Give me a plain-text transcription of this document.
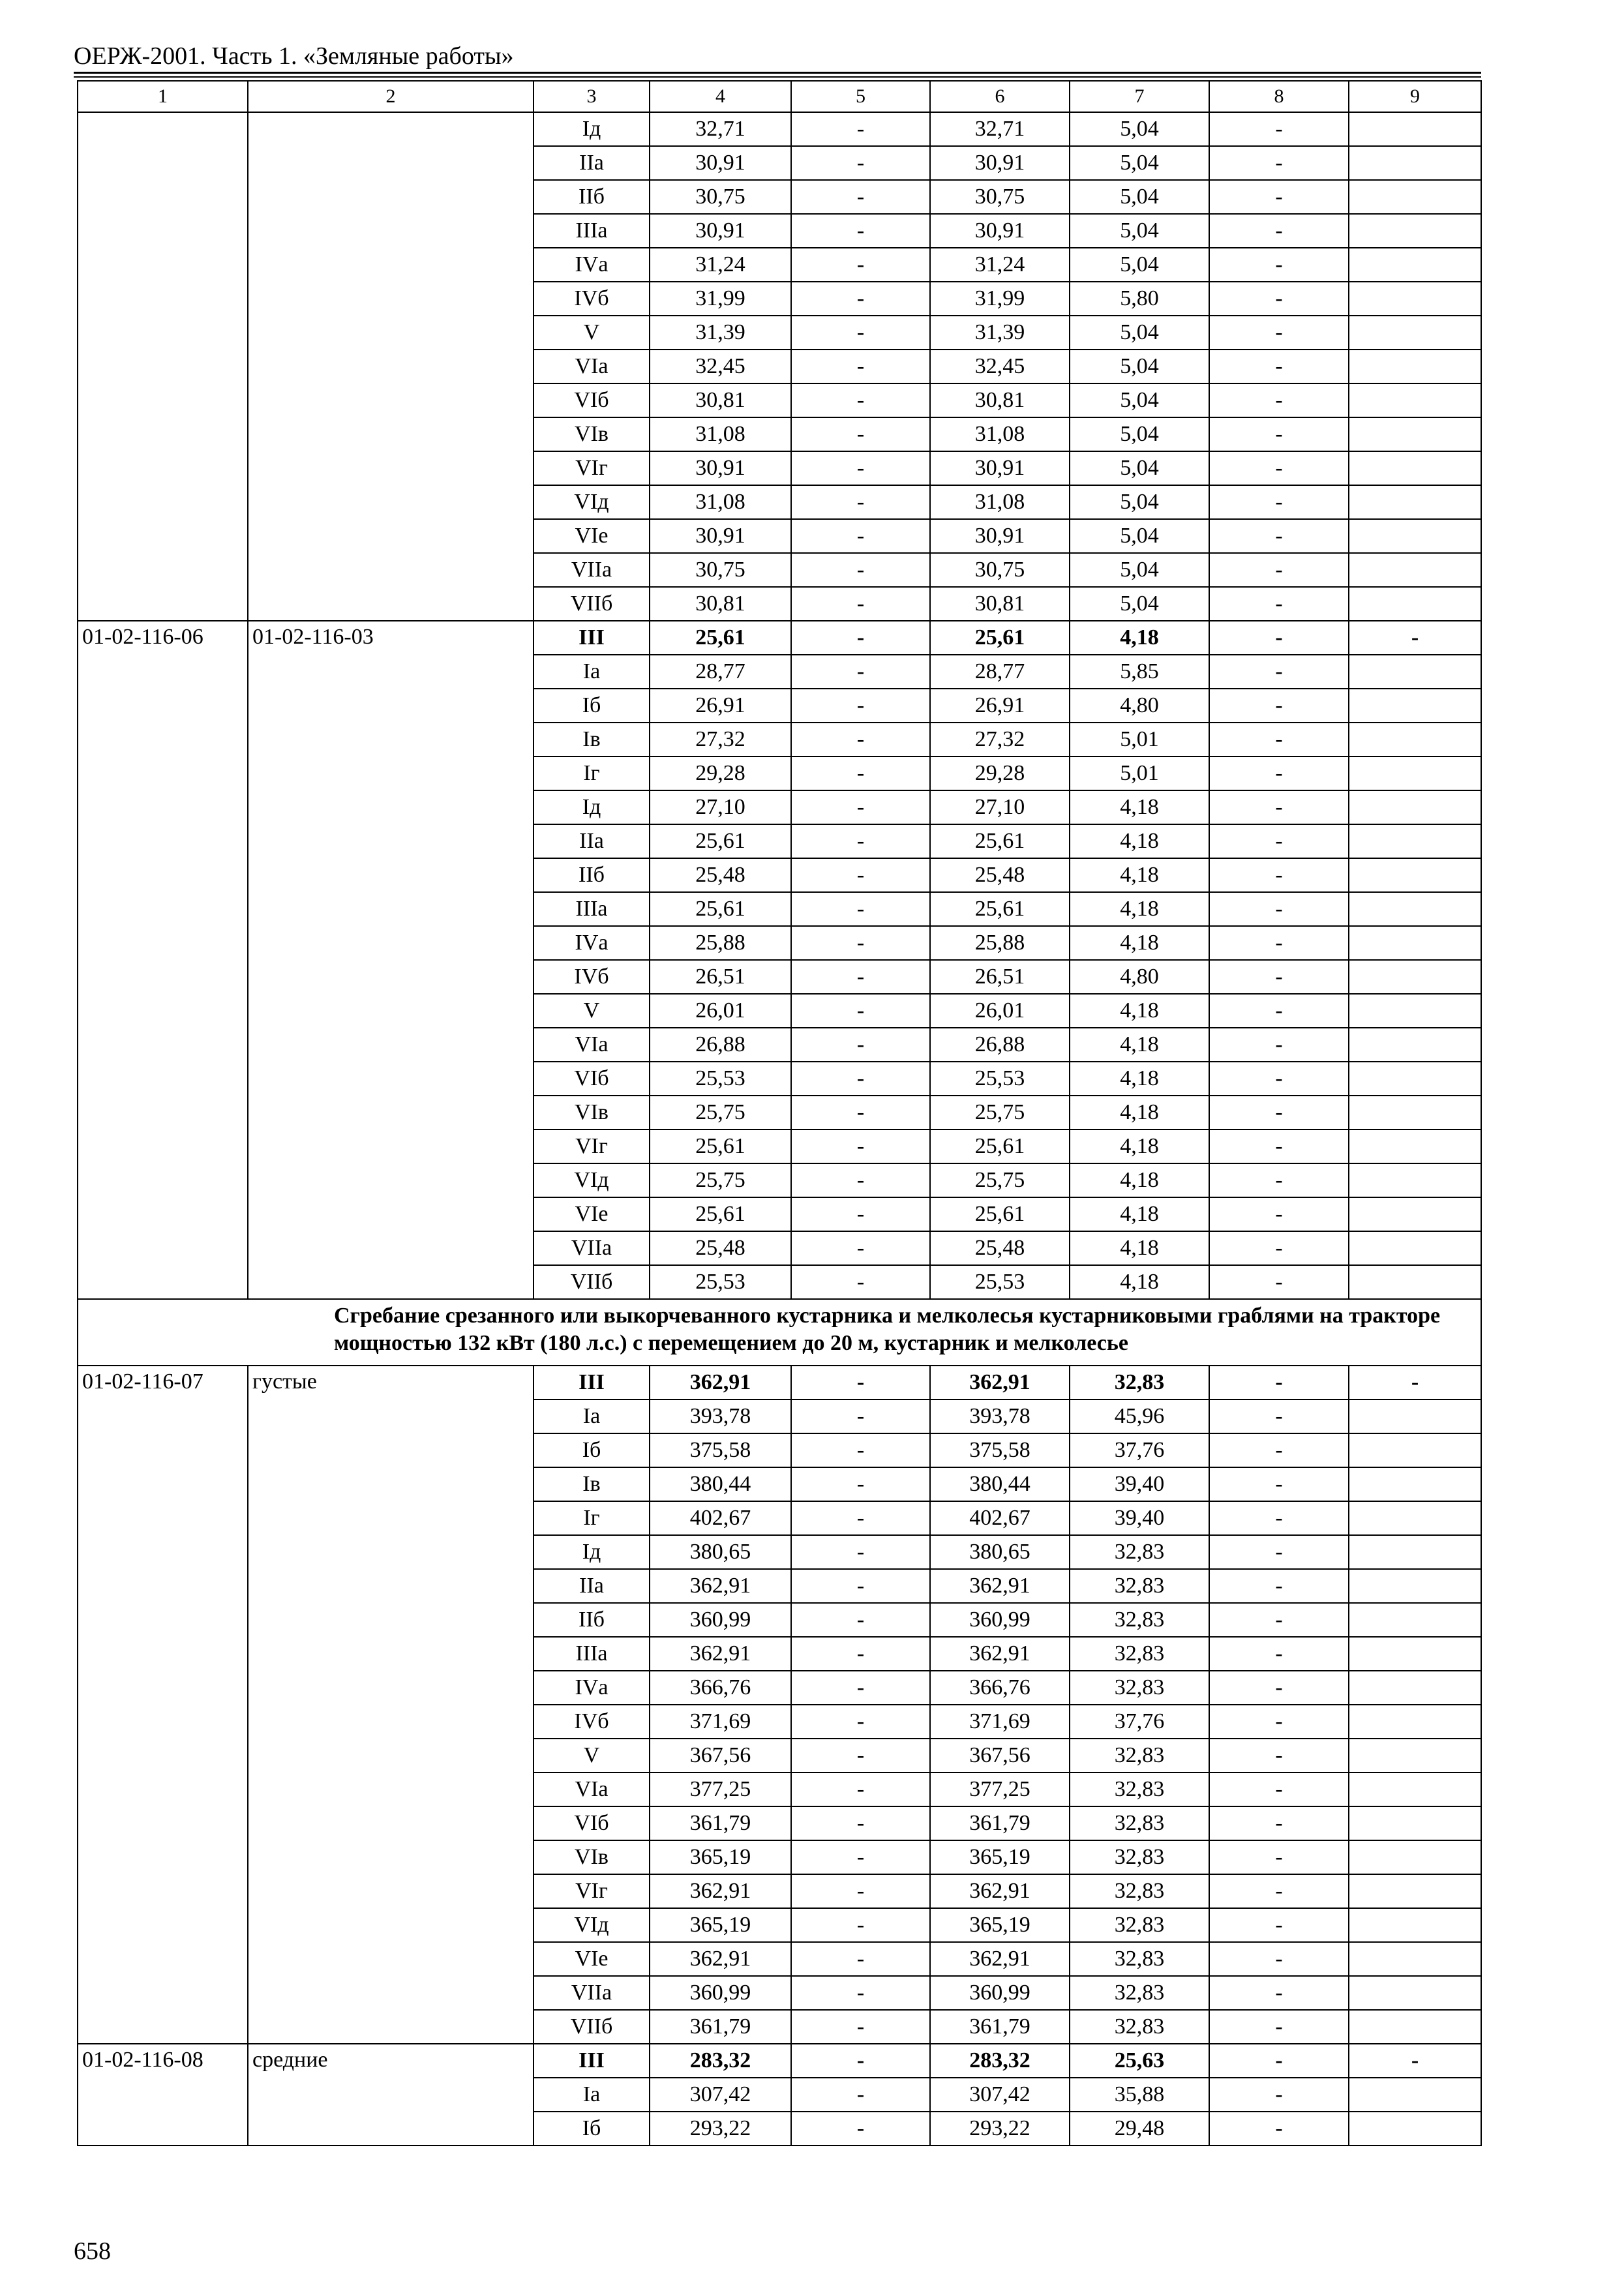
ОЕРЖ-2001. Часть 1. «Земляные работы»
1	2	3	4	5	6	7	8	9
		Iд	32,71	-	32,71	5,04	-	
		IIа	30,91	-	30,91	5,04	-	
		IIб	30,75	-	30,75	5,04	-	
		IIIа	30,91	-	30,91	5,04	-	
		IVа	31,24	-	31,24	5,04	-	
		IVб	31,99	-	31,99	5,80	-	
		V	31,39	-	31,39	5,04	-	
		VIа	32,45	-	32,45	5,04	-	
		VIб	30,81	-	30,81	5,04	-	
		VIв	31,08	-	31,08	5,04	-	
		VIг	30,91	-	30,91	5,04	-	
		VIд	31,08	-	31,08	5,04	-	
		VIе	30,91	-	30,91	5,04	-	
		VIIа	30,75	-	30,75	5,04	-	
		VIIб	30,81	-	30,81	5,04	-	
01-02-116-06	01-02-116-03	III	25,61	-	25,61	4,18	-	-
		Iа	28,77	-	28,77	5,85	-	
		Iб	26,91	-	26,91	4,80	-	
		Iв	27,32	-	27,32	5,01	-	
		Iг	29,28	-	29,28	5,01	-	
		Iд	27,10	-	27,10	4,18	-	
		IIа	25,61	-	25,61	4,18	-	
		IIб	25,48	-	25,48	4,18	-	
		IIIа	25,61	-	25,61	4,18	-	
		IVа	25,88	-	25,88	4,18	-	
		IVб	26,51	-	26,51	4,80	-	
		V	26,01	-	26,01	4,18	-	
		VIа	26,88	-	26,88	4,18	-	
		VIб	25,53	-	25,53	4,18	-	
		VIв	25,75	-	25,75	4,18	-	
		VIг	25,61	-	25,61	4,18	-	
		VIд	25,75	-	25,75	4,18	-	
		VIе	25,61	-	25,61	4,18	-	
		VIIа	25,48	-	25,48	4,18	-	
		VIIб	25,53	-	25,53	4,18	-	
Сгребание срезанного или выкорчеванного кустарника и мелколесья кустарниковыми граблями на тракторе мощностью 132 кВт (180 л.с.) с перемещением до 20 м, кустарник и мелколесье								
01-02-116-07	густые	III	362,91	-	362,91	32,83	-	-
		Iа	393,78	-	393,78	45,96	-	
		Iб	375,58	-	375,58	37,76	-	
		Iв	380,44	-	380,44	39,40	-	
		Iг	402,67	-	402,67	39,40	-	
		Iд	380,65	-	380,65	32,83	-	
		IIа	362,91	-	362,91	32,83	-	
		IIб	360,99	-	360,99	32,83	-	
		IIIа	362,91	-	362,91	32,83	-	
		IVа	366,76	-	366,76	32,83	-	
		IVб	371,69	-	371,69	37,76	-	
		V	367,56	-	367,56	32,83	-	
		VIа	377,25	-	377,25	32,83	-	
		VIб	361,79	-	361,79	32,83	-	
		VIв	365,19	-	365,19	32,83	-	
		VIг	362,91	-	362,91	32,83	-	
		VIд	365,19	-	365,19	32,83	-	
		VIе	362,91	-	362,91	32,83	-	
		VIIа	360,99	-	360,99	32,83	-	
		VIIб	361,79	-	361,79	32,83	-	
01-02-116-08	средние	III	283,32	-	283,32	25,63	-	-
		Iа	307,42	-	307,42	35,88	-	
		Iб	293,22	-	293,22	29,48	-	
658
